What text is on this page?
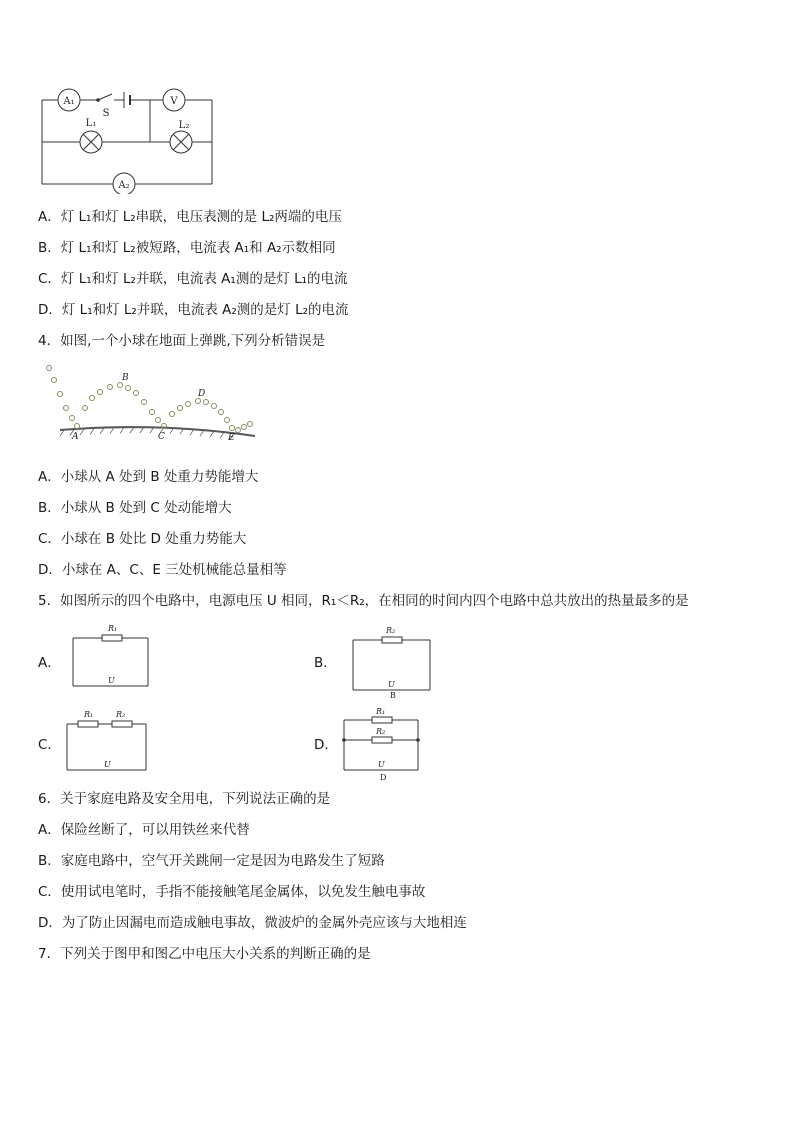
A₁	V
A₂
S
L₁	L₂
A．灯 L₁和灯 L₂串联，电压表测的是 L₂两端的电压
B．灯 L₁和灯 L₂被短路，电流表 A₁和 A₂示数相同
C．灯 L₁和灯 L₂并联，电流表 A₁测的是灯 L₁的电流
D．灯 L₁和灯 L₂并联，电流表 A₂测的是灯 L₂的电流
4．如图,一个小球在地面上弹跳,下列分析错误是
A
B
C
D
E
A．小球从 A 处到 B 处重力势能增大
B．小球从 B 处到 C 处动能增大
C．小球在 B 处比 D 处重力势能大
D．小球在 A、C、E 三处机械能总量相等
5．如图所示的四个电路中，电源电压 U 相同，R₁＜R₂，在相同的时间内四个电路中总共放出的热量最多的是
A．
R₁
U
B．
R₂
U
B
C．
R₁	R₂
U
D．
R₁
R₂
U
D
6．关于家庭电路及安全用电，下列说法正确的是
A．保险丝断了，可以用铁丝来代替
B．家庭电路中，空气开关跳闸一定是因为电路发生了短路
C．使用试电笔时，手指不能接触笔尾金属体，以免发生触电事故
D．为了防止因漏电而造成触电事故，微波炉的金属外壳应该与大地相连
7．下列关于图甲和图乙中电压大小关系的判断正确的是
